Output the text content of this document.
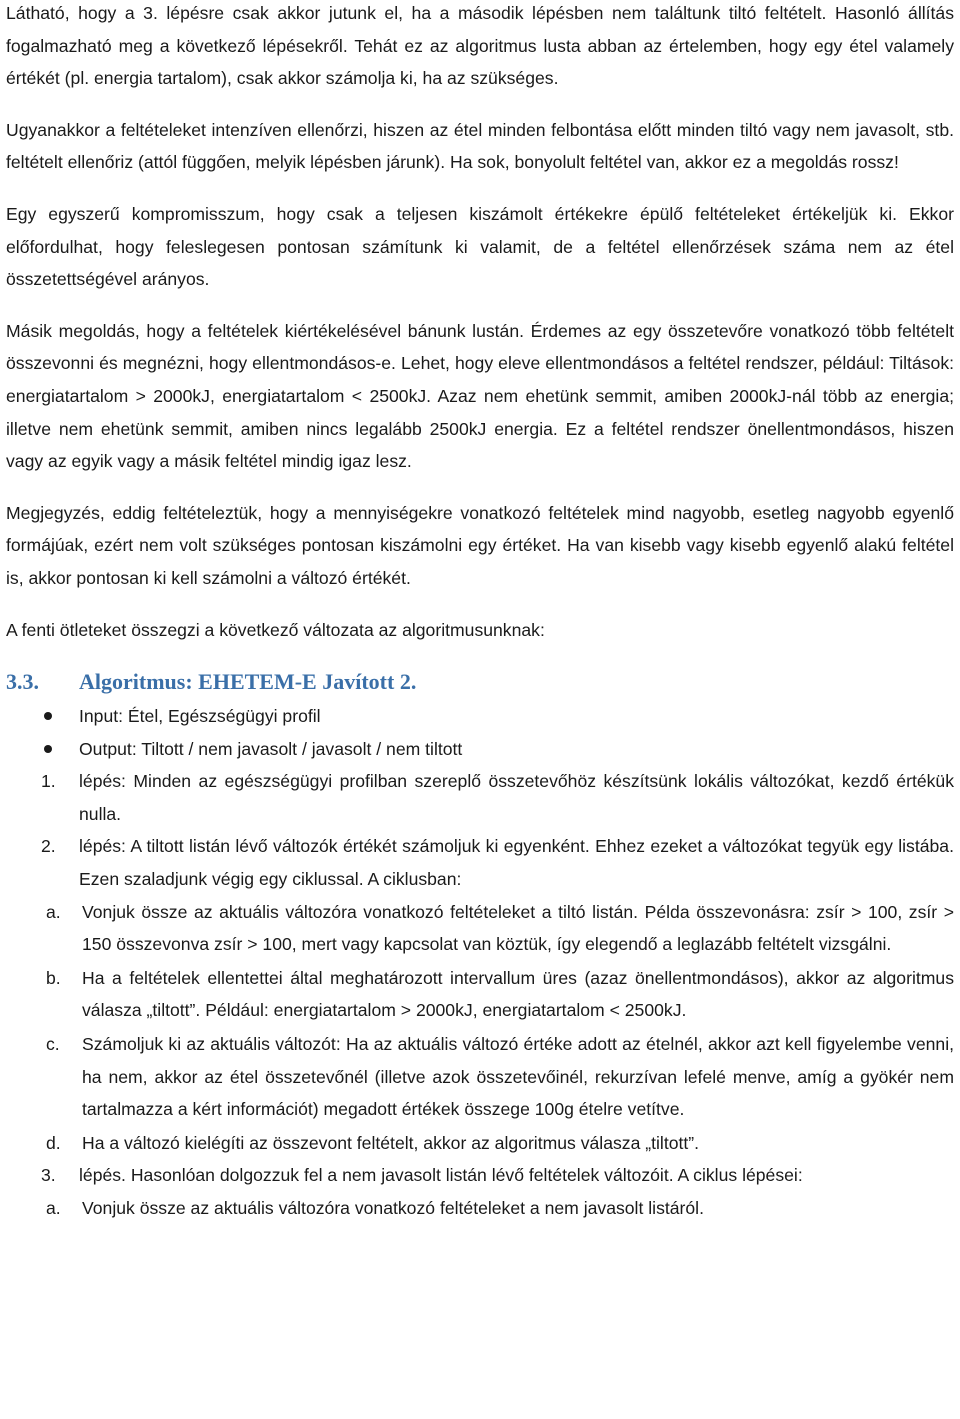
Látható, hogy a 3. lépésre csak akkor jutunk el, ha a második lépésben nem találtunk tiltó feltételt. Hasonló állítás fogalmazható meg a következő lépésekről. Tehát ez az algoritmus lusta abban az értelemben, hogy egy étel valamely értékét (pl. energia tartalom), csak akkor számolja ki, ha az szükséges.

Ugyanakkor a feltételeket intenzíven ellenőrzi, hiszen az étel minden felbontása előtt minden tiltó vagy nem javasolt, stb. feltételt ellenőriz (attól függően, melyik lépésben járunk). Ha sok, bonyolult feltétel van, akkor ez a megoldás rossz!

Egy egyszerű kompromisszum, hogy csak a teljesen kiszámolt értékekre épülő feltételeket értékeljük ki. Ekkor előfordulhat, hogy feleslegesen pontosan számítunk ki valamit, de a feltétel ellenőrzések száma nem az étel összetettségével arányos.

Másik megoldás, hogy a feltételek kiértékelésével bánunk lustán. Érdemes az egy összetevőre vonatkozó több feltételt összevonni és megnézni, hogy ellentmondásos-e. Lehet, hogy eleve ellentmondásos a feltétel rendszer, például: Tiltások: energiatartalom > 2000kJ, energiatartalom < 2500kJ. Azaz nem ehetünk semmit, amiben 2000kJ-nál több az energia; illetve nem ehetünk semmit, amiben nincs legalább 2500kJ energia. Ez a feltétel rendszer önellentmondásos, hiszen vagy az egyik vagy a másik feltétel mindig igaz lesz.

Megjegyzés, eddig feltételeztük, hogy a mennyiségekre vonatkozó feltételek mind nagyobb, esetleg nagyobb egyenlő formájúak, ezért nem volt szükséges pontosan kiszámolni egy értéket. Ha van kisebb vagy kisebb egyenlő alakú feltétel is, akkor pontosan ki kell számolni a változó értékét.

A fenti ötleteket összegzi a következő változata az algoritmusunknak:

3.3.	Algoritmus: EHETEM-E Javított 2.
Input: Étel, Egészségügyi profil
Output: Tiltott / nem javasolt / javasolt / nem tiltott
1. lépés: Minden az egészségügyi profilban szereplő összetevőhöz készítsünk lokális változókat, kezdő értékük nulla.
2. lépés: A tiltott listán lévő változók értékét számoljuk ki egyenként. Ehhez ezeket a változókat tegyük egy listába. Ezen szaladjunk végig egy ciklussal. A ciklusban:
a. Vonjuk össze az aktuális változóra vonatkozó feltételeket a tiltó listán. Példa összevonásra: zsír > 100, zsír > 150 összevonva zsír > 100, mert vagy kapcsolat van köztük, így elegendő a leglazább feltételt vizsgálni.
b. Ha a feltételek ellentettei által meghatározott intervallum üres (azaz önellentmondásos), akkor az algoritmus válasza „tiltott”. Például: energiatartalom > 2000kJ, energiatartalom < 2500kJ.
c. Számoljuk ki az aktuális változót: Ha az aktuális változó értéke adott az ételnél, akkor azt kell figyelembe venni, ha nem, akkor az étel összetevőnél (illetve azok összetevőinél, rekurzívan lefelé menve, amíg a gyökér nem tartalmazza a kért információt) megadott értékek összege 100g ételre vetítve.
d. Ha a változó kielégíti az összevont feltételt, akkor az algoritmus válasza „tiltott”.
3. lépés. Hasonlóan dolgozzuk fel a nem javasolt listán lévő feltételek változóit. A ciklus lépései:
a. Vonjuk össze az aktuális változóra vonatkozó feltételeket a nem javasolt listáról.
